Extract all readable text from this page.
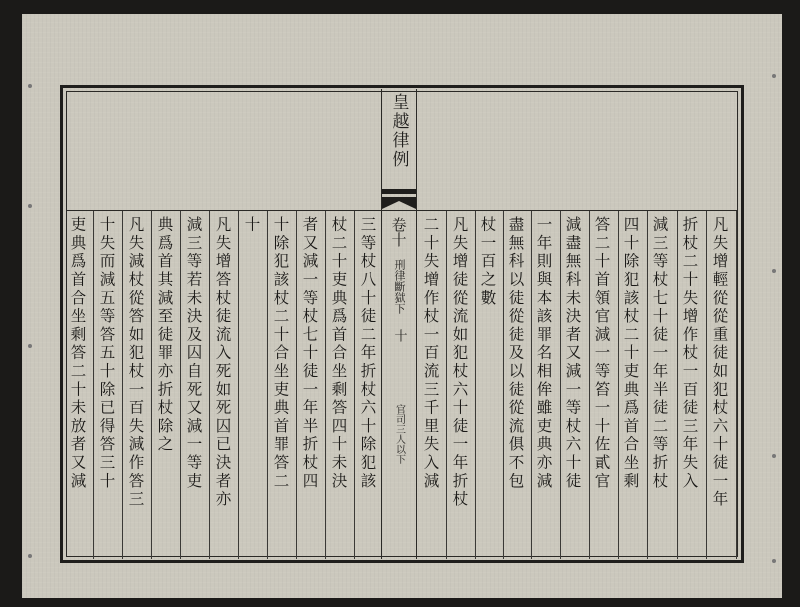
皇越律例
卷十
刑律斷獄下
十
官司三人以下	凡失增輕從從重徒如犯杖六十徒一年
折杖二十失增作杖一百徒三年失入
減三等杖七十徒一年半徒二等折杖
四十除犯該杖二十吏典爲首合坐剩
答二十首領官減一等笞一十佐貳官
減盡無科未決者又減一等杖六十徒
一年則與本該罪名相侔雖吏典亦減
盡無科以徒從徒及以徒從流俱不包
杖一百之數
凡失增徒從流如犯杖六十徒一年折杖
二十失增作杖一百流三千里失入減
三等杖八十徒二年折杖六十除犯該
杖二十吏典爲首合坐剩答四十未決
者又減一等杖七十徒一年半折杖四
十除犯該杖二十合坐吏典首罪答二
十
凡失增答杖徒流入死如死囚已決者亦
減三等若未決及囚自死又減一等吏
典爲首其減至徒罪亦折杖除之
凡失減杖從答如犯杖一百失減作答三
十失而減五等答五十除已得答三十
吏典爲首合坐剩答二十未放者又減
